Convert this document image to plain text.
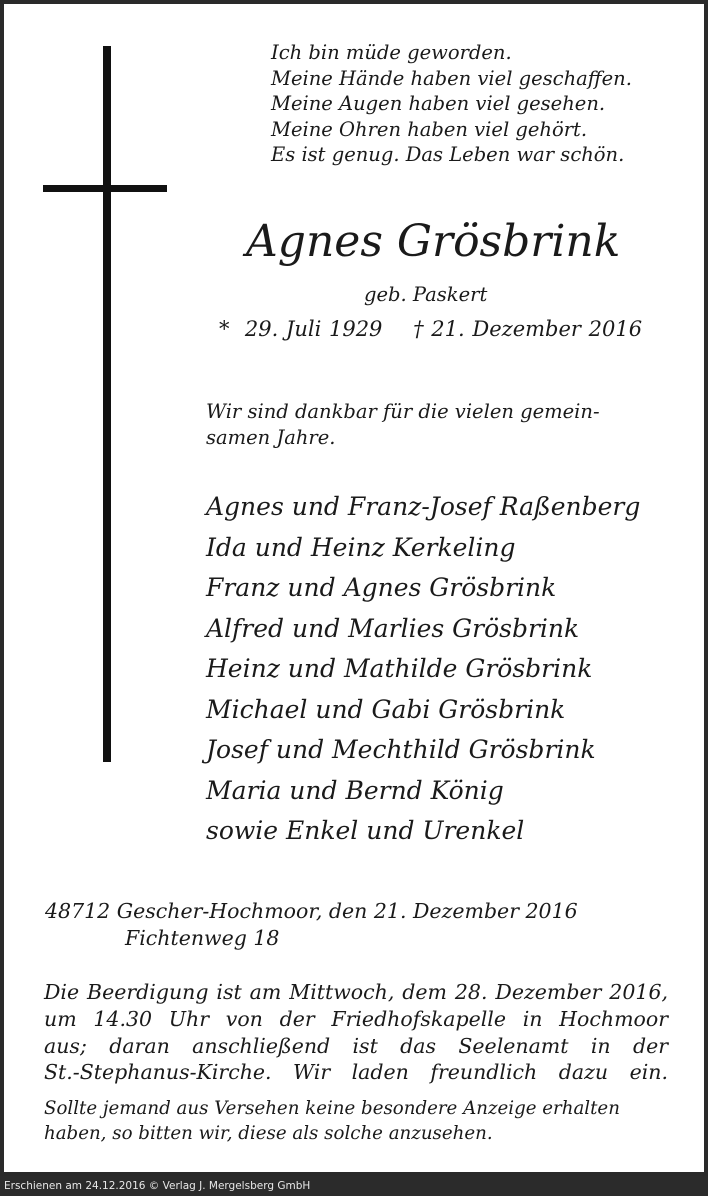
Ich bin müde geworden.
Meine Hände haben viel geschaffen.
Meine Augen haben viel gesehen.
Meine Ohren haben viel gehört.
Es ist genug. Das Leben war schön.
Agnes Grösbrink
geb. Paskert
*  29. Juli 1929 † 21. Dezember 2016
Wir sind dankbar für die vielen gemein-
samen Jahre.
Agnes und Franz-Josef Raßenberg
Ida und Heinz Kerkeling
Franz und Agnes Grösbrink
Alfred und Marlies Grösbrink
Heinz und Mathilde Grösbrink
Michael und Gabi Grösbrink
Josef und Mechthild Grösbrink
Maria und Bernd König
sowie Enkel und Urenkel
48712 Gescher-Hochmoor, den 21. Dezember 2016
Fichtenweg 18
Die Beerdigung ist am Mittwoch, dem 28. Dezember 2016,
um 14.30 Uhr von der Friedhofskapelle in Hochmoor
aus; daran anschließend ist das Seelenamt in der
St.-Stephanus-Kirche. Wir laden freundlich dazu ein.
Sollte jemand aus Versehen keine besondere Anzeige erhalten
haben, so bitten wir, diese als solche anzusehen.
Erschienen am 24.12.2016 © Verlag J. Mergelsberg GmbH
